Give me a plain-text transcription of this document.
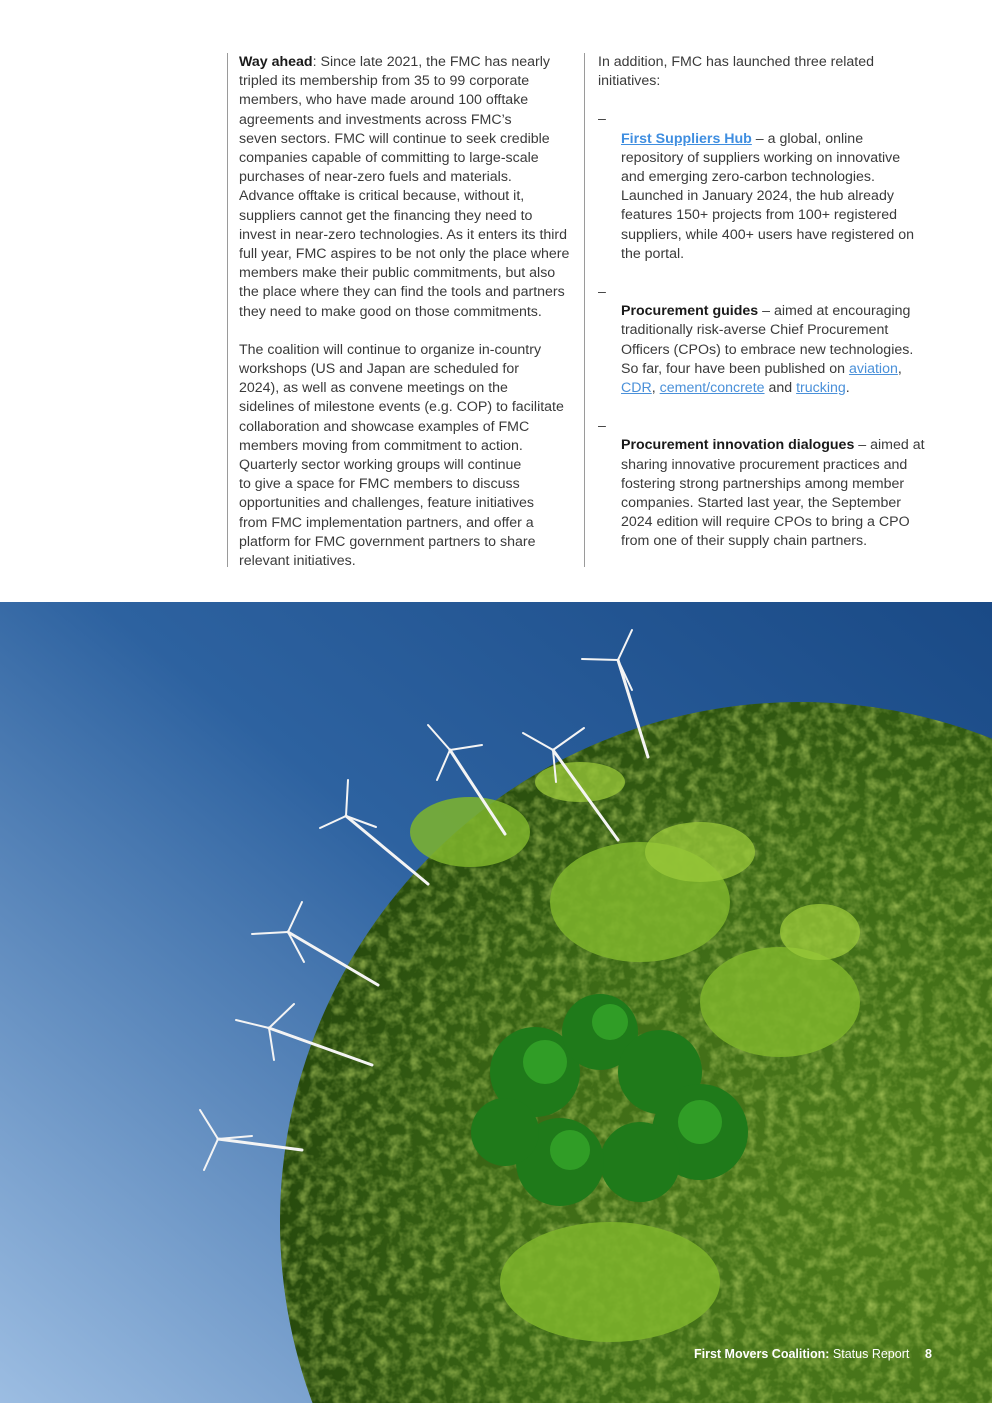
Way ahead: Since late 2021, the FMC has nearly
tripled its membership from 35 to 99 corporate
members, who have made around 100 offtake
agreements and investments across FMC’s
seven sectors. FMC will continue to seek credible
companies capable of committing to large-scale
purchases of near-zero fuels and materials.
Advance offtake is critical because, without it,
suppliers cannot get the financing they need to
invest in near-zero technologies. As it enters its third
full year, FMC aspires to be not only the place where
members make their public commitments, but also
the place where they can find the tools and partners
they need to make good on those commitments.

The coalition will continue to organize in-country
workshops (US and Japan are scheduled for
2024), as well as convene meetings on the
sidelines of milestone events (e.g. COP) to facilitate
collaboration and showcase examples of FMC
members moving from commitment to action.
Quarterly sector working groups will continue
to give a space for FMC members to discuss
opportunities and challenges, feature initiatives
from FMC implementation partners, and offer a
platform for FMC government partners to share
relevant initiatives.

In addition, FMC has launched three related
initiatives:

–
First Suppliers Hub – a global, online
repository of suppliers working on innovative
and emerging zero-carbon technologies.
Launched in January 2024, the hub already
features 150+ projects from 100+ registered
suppliers, while 400+ users have registered on
the portal.

–
Procurement guides – aimed at encouraging
traditionally risk-averse Chief Procurement
Officers (CPOs) to embrace new technologies.
So far, four have been published on aviation,
CDR, cement/concrete and trucking.

–
Procurement innovation dialogues – aimed at
sharing innovative procurement practices and
fostering strong partnerships among member
companies. Started last year, the September
2024 edition will require CPOs to bring a CPO
from one of their supply chain partners.

First Movers Coalition: Status Report 8
